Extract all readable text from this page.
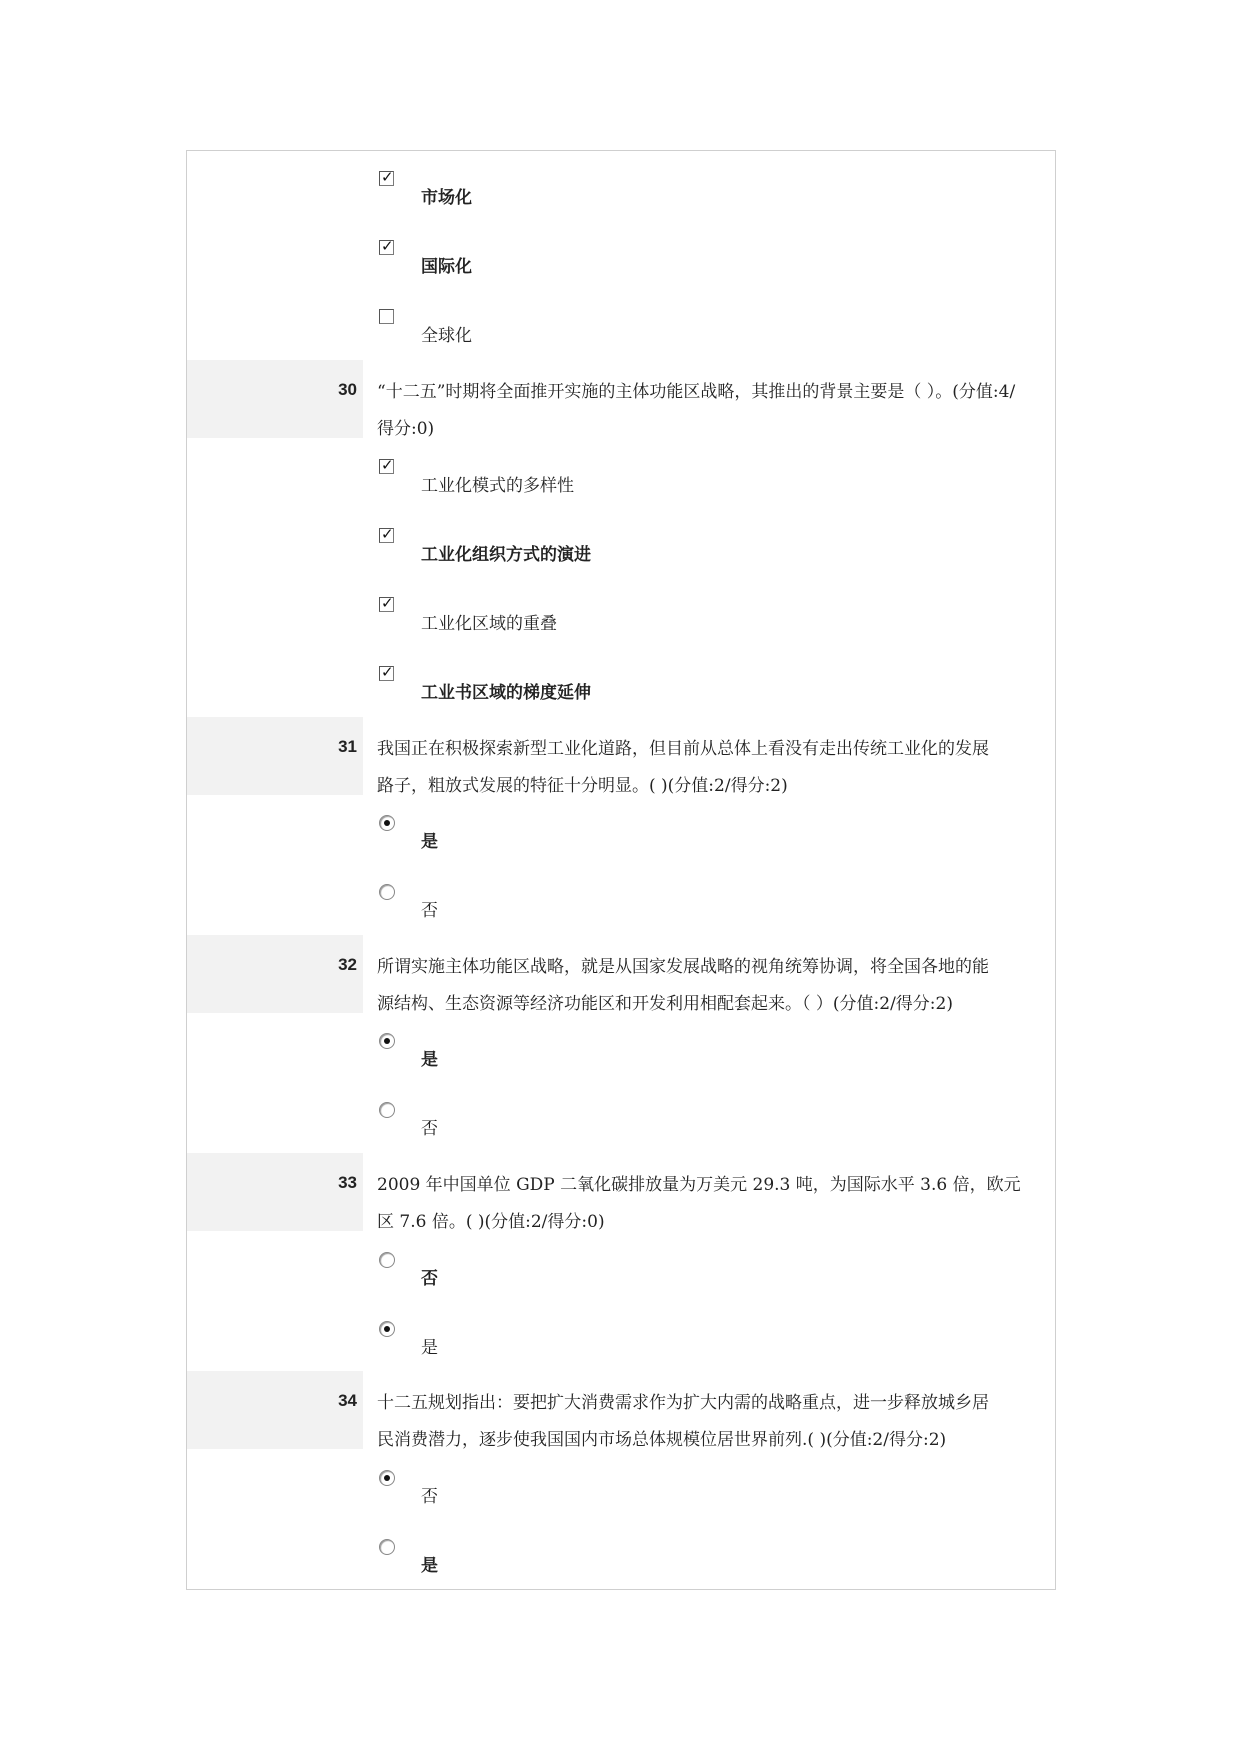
✓
市场化
✓
国际化
全球化
30 “十二五”时期将全面推开实施的主体功能区战略，其推出的背景主要是（ ）。(分值:4/
得分:0)
✓
工业化模式的多样性
✓
工业化组织方式的演进
✓
工业化区域的重叠
✓
工业书区域的梯度延伸
31 我国正在积极探索新型工业化道路，但目前从总体上看没有走出传统工业化的发展
路子，粗放式发展的特征十分明显。( )(分值:2/得分:2)
是
否
32 所谓实施主体功能区战略，就是从国家发展战略的视角统筹协调，将全国各地的能
源结构、生态资源等经济功能区和开发利用相配套起来。（ ）(分值:2/得分:2)
是
否
33 2009 年中国单位 GDP 二氧化碳排放量为万美元 29.3 吨，为国际水平 3.6 倍，欧元
区 7.6 倍。( )(分值:2/得分:0)
否
是
34 十二五规划指出：要把扩大消费需求作为扩大内需的战略重点，进一步释放城乡居
民消费潜力，逐步使我国国内市场总体规模位居世界前列.( )(分值:2/得分:2)
否
是
